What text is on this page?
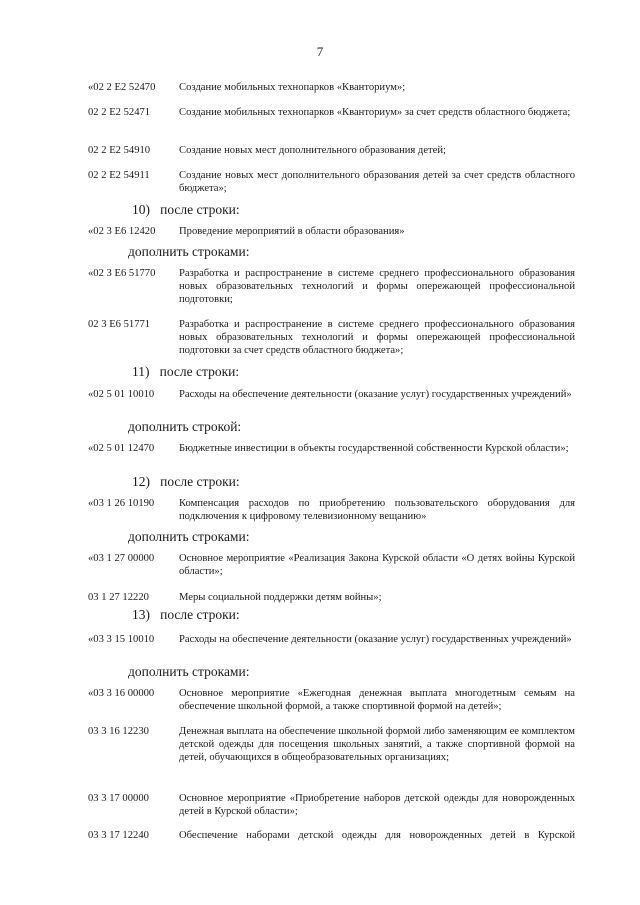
7
«02 2 E2 52470 Создание мобильных технопарков «Кванториум»;
02 2 E2 52471	Создание мобильных технопарков «Кванториум» за счет средств областного бюджета;
02 2 E2 54910	Создание новых мест дополнительного образования детей;
02 2 E2 54911	Создание новых мест дополнительного образования детей за счет средств областного бюджета»;
10)   после строки:
«02 3 E6 12420 Проведение мероприятий в области образования»
дополнить строками:
«02 3 E6 51770 Разработка и распространение в системе среднего профессионального образования новых образовательных технологий и формы опережающей профессиональной подготовки;
02 3 E6 51771	Разработка и распространение в системе среднего профессионального образования новых образовательных технологий и формы опережающей профессиональной подготовки за счет средств областного бюджета»;
11)   после строки:
«02 5 01 10010 Расходы на обеспечение деятельности (оказание услуг) государственных учреждений»
дополнить строкой:
«02 5 01 12470 Бюджетные инвестиции в объекты государственной собственности Курской области»;
12)   после строки:
«03 1 26 10190 Компенсация расходов по приобретению пользовательского оборудования для подключения к цифровому телевизионному вещанию»
дополнить строками:
«03 1 27 00000 Основное мероприятие «Реализация Закона Курской области «О детях войны Курской области»;
03 1 27 12220	Меры социальной поддержки детям войны»;
13)   после строки:
«03 3 15 10010 Расходы на обеспечение деятельности (оказание услуг) государственных учреждений»
дополнить строками:
«03 3 16 00000 Основное мероприятие «Ежегодная денежная выплата многодетным семьям на обеспечение школьной формой, а также спортивной формой на детей»;
03 3 16 12230	Денежная выплата на обеспечение школьной формой либо заменяющим ее комплектом детской одежды для посещения школьных занятий, а также спортивной формой на детей, обучающихся в общеобразовательных организациях;
03 3 17 00000	Основное мероприятие «Приобретение наборов детской одежды для новорожденных детей в Курской области»;
03 3 17 12240	Обеспечение наборами детской одежды для новорожденных детей в Курской
